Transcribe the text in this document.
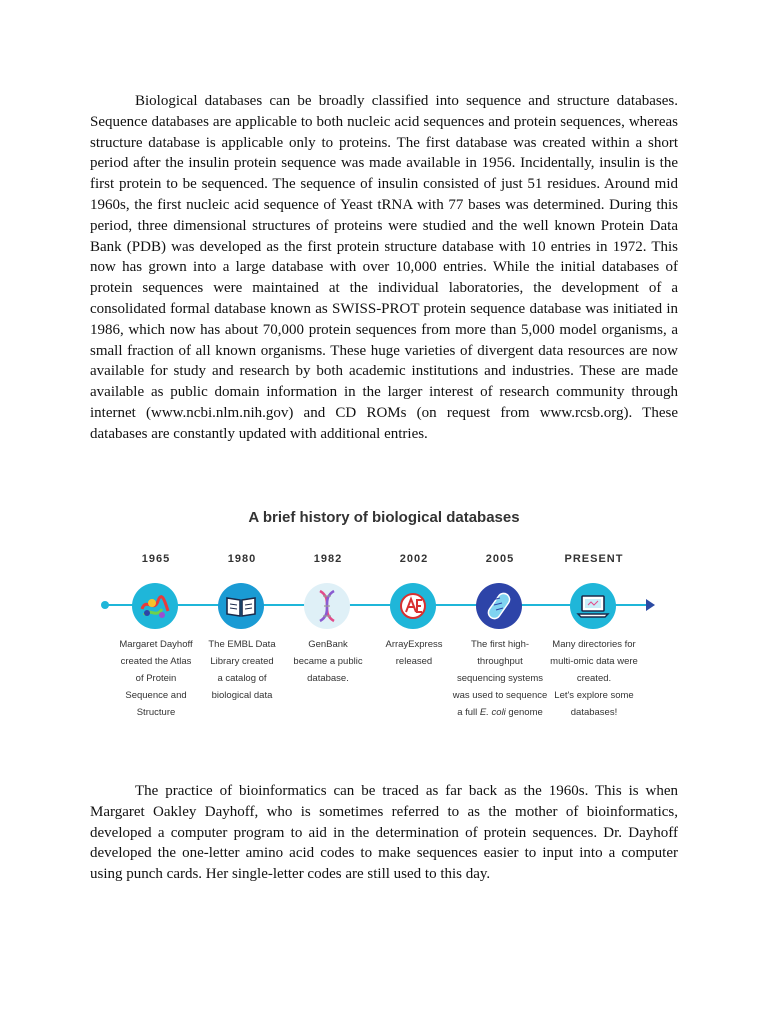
Biological databases can be broadly classified into sequence and structure databases. Sequence databases are applicable to both nucleic acid sequences and protein sequences, whereas structure database is applicable only to proteins. The first database was created within a short period after the insulin protein sequence was made available in 1956. Incidentally, insulin is the first protein to be sequenced. The sequence of insulin consisted of just 51 residues. Around mid 1960s, the first nucleic acid sequence of Yeast tRNA with 77 bases was determined. During this period, three dimensional structures of proteins were studied and the well known Protein Data Bank (PDB) was developed as the first protein structure database with 10 entries in 1972. This now has grown into a large database with over 10,000 entries. While the initial databases of protein sequences were maintained at the individual laboratories, the development of a consolidated formal database known as SWISS-PROT protein sequence database was initiated in 1986, which now has about 70,000 protein sequences from more than 5,000 model organisms, a small fraction of all known organisms. These huge varieties of divergent data resources are now available for study and research by both academic institutions and industries. These are made available as public domain information in the larger interest of research community through internet (www.ncbi.nlm.nih.gov) and CD ROMs (on request from www.rcsb.org). These databases are constantly updated with additional entries.

A brief history of biological databases
1965
Margaret Dayhoff
created the Atlas
of Protein
Sequence and
Structure
1980
The EMBL Data
Library created
a catalog of
biological data
1982
GenBank
became a public
database.
2002
ArrayExpress
released
2005
The first high-
throughput
sequencing systems
was used to sequence
a full E. coli genome
PRESENT
Many directories for
multi-omic data were
created.
Let's explore some
databases!

The practice of bioinformatics can be traced as far back as the 1960s. This is when Margaret Oakley Dayhoff, who is sometimes referred to as the mother of bioinformatics, developed a computer program to aid in the determination of protein sequences. Dr. Dayhoff developed the one-letter amino acid codes to make sequences easier to input into a computer using punch cards. Her single-letter codes are still used to this day.
